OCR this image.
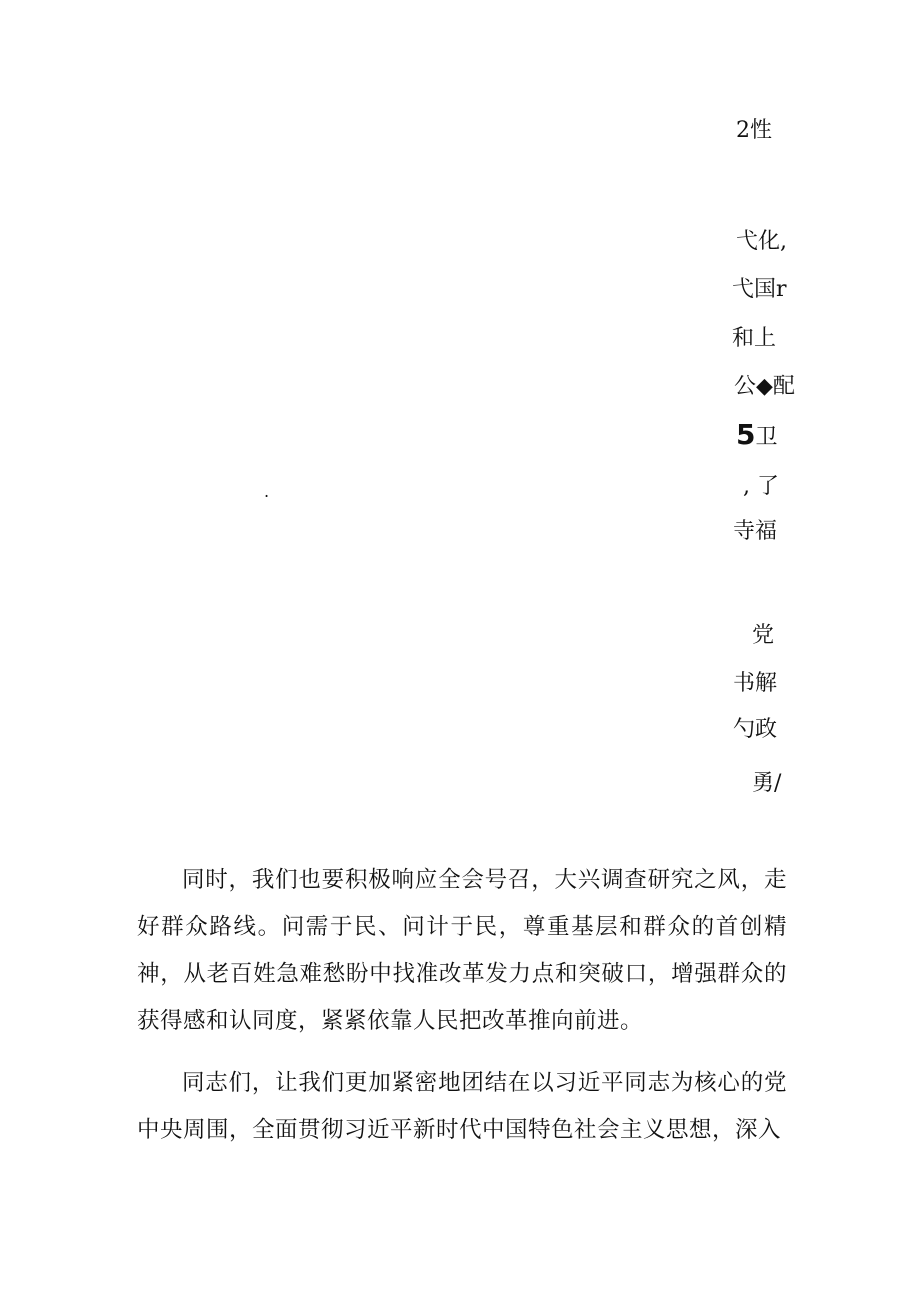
2性
弋化,
弋国r
和上
公◆配
5卫
.	, 了
寺福
党
书解
勺政
勇/

同时，我们也要积极响应全会号召，大兴调查研究之风，走好群众路线。问需于民、问计于民，尊重基层和群众的首创精神，从老百姓急难愁盼中找准改革发力点和突破口，增强群众的获得感和认同度，紧紧依靠人民把改革推向前进。

同志们，让我们更加紧密地团结在以习近平同志为核心的党中央周围，全面贯彻习近平新时代中国特色社会主义思想，深入
